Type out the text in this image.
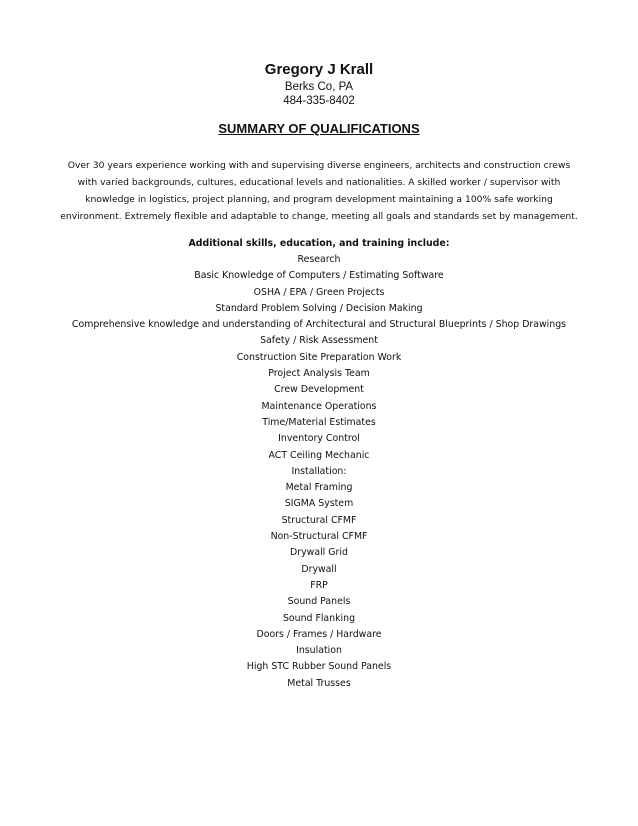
Gregory J Krall
Berks Co, PA
484-335-8402
SUMMARY OF QUALIFICATIONS

Over 30 years experience working with and supervising diverse engineers, architects and construction crews with varied backgrounds, cultures, educational levels and nationalities. A skilled worker / supervisor with knowledge in logistics, project planning, and program development maintaining a 100% safe working environment. Extremely flexible and adaptable to change, meeting all goals and standards set by management.

Additional skills, education, and training include:
Research
Basic Knowledge of Computers / Estimating Software
OSHA / EPA / Green Projects
Standard Problem Solving / Decision Making
Comprehensive knowledge and understanding of Architectural and Structural Blueprints / Shop Drawings
Safety / Risk Assessment
Construction Site Preparation Work
Project Analysis Team
Crew Development
Maintenance Operations
Time/Material Estimates
Inventory Control
ACT Ceiling Mechanic
Installation:
Metal Framing
SIGMA System
Structural CFMF
Non-Structural CFMF
Drywall Grid
Drywall
FRP
Sound Panels
Sound Flanking
Doors / Frames / Hardware
Insulation
High STC Rubber Sound Panels
Metal Trusses
